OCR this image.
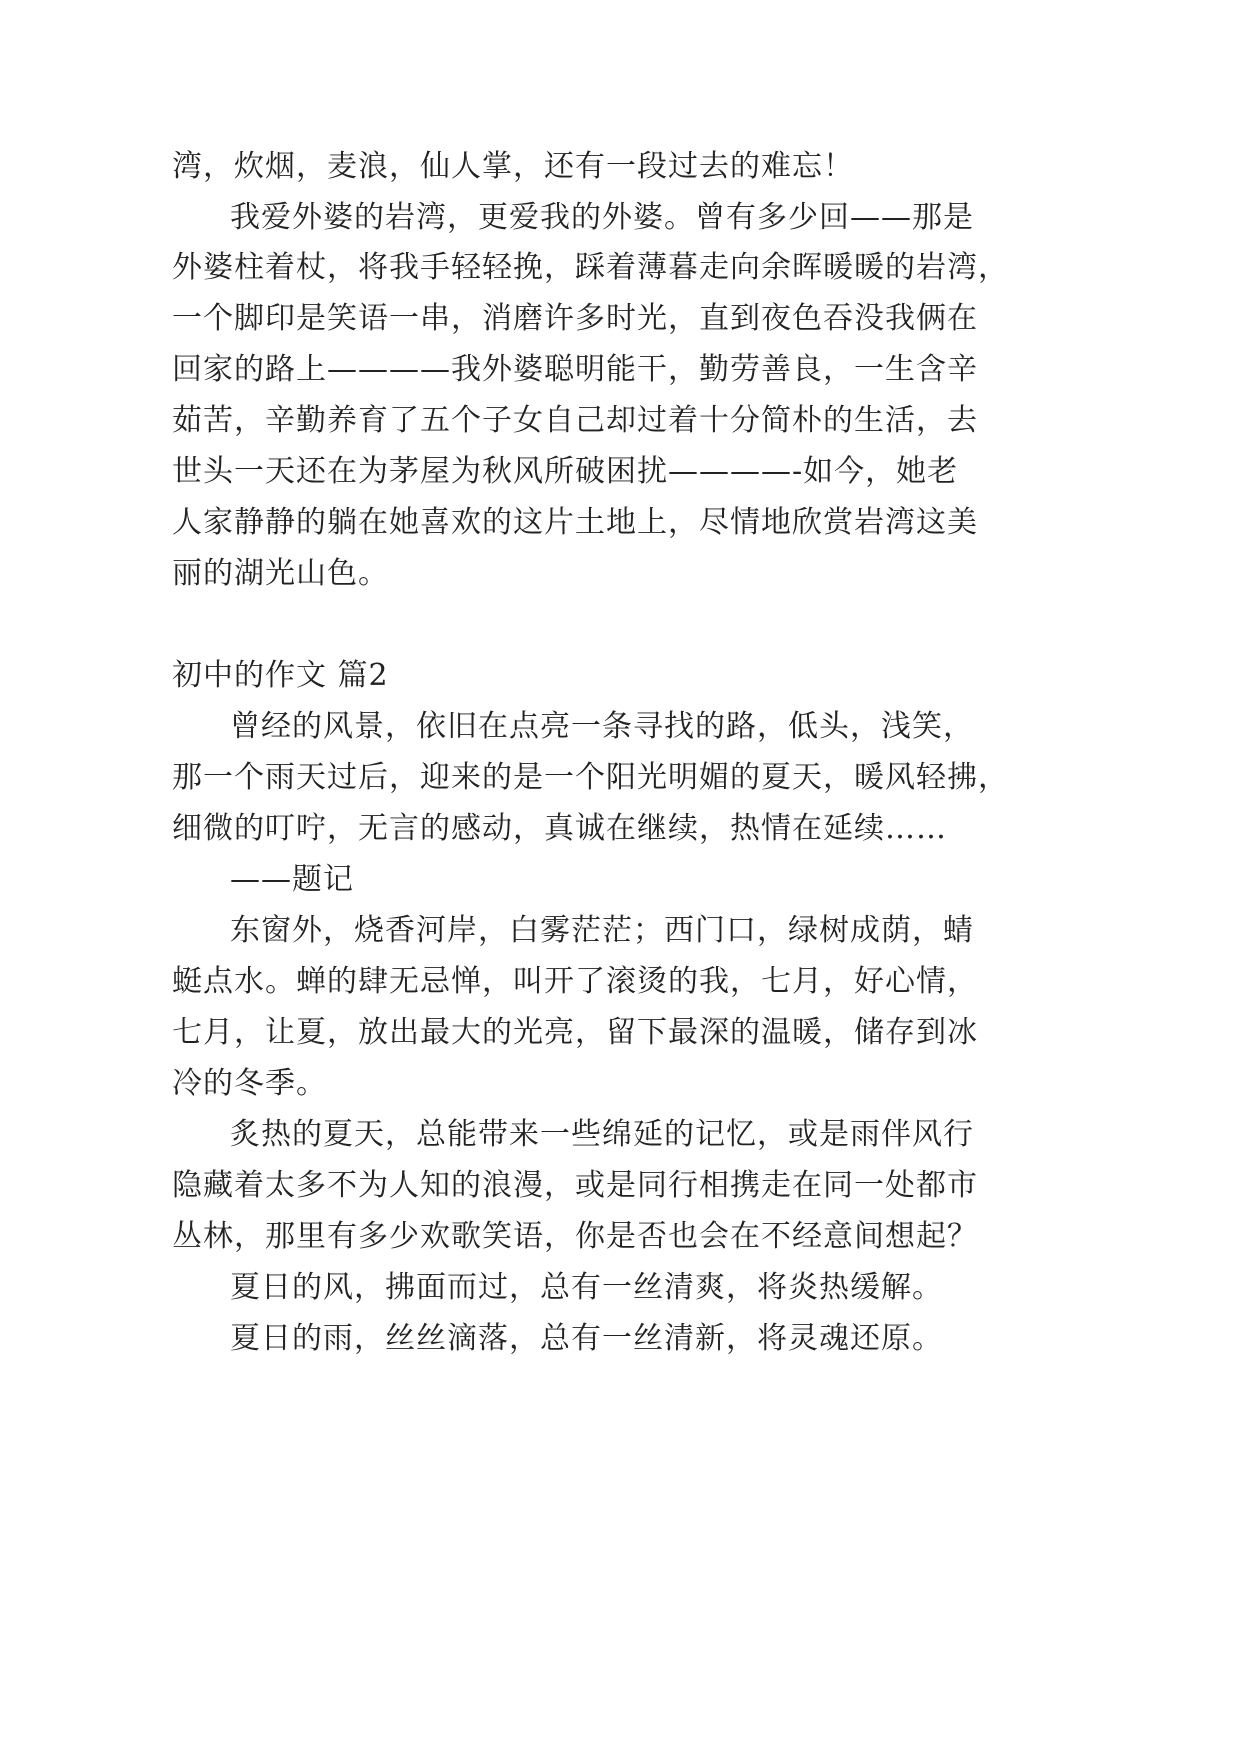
湾，炊烟，麦浪，仙人掌，还有一段过去的难忘！
我爱外婆的岩湾，更爱我的外婆。曾有多少回——那是
外婆柱着杖，将我手轻轻挽，踩着薄暮走向余晖暖暖的岩湾，
一个脚印是笑语一串，消磨许多时光，直到夜色吞没我俩在
回家的路上————我外婆聪明能干，勤劳善良，一生含辛
茹苦，辛勤养育了五个子女自己却过着十分简朴的生活，去
世头一天还在为茅屋为秋风所破困扰————-如今，她老
人家静静的躺在她喜欢的这片土地上，尽情地欣赏岩湾这美
丽的湖光山色。
初中的作文 篇2
曾经的风景，依旧在点亮一条寻找的路，低头，浅笑，
那一个雨天过后，迎来的是一个阳光明媚的夏天，暖风轻拂，
细微的叮咛，无言的感动，真诚在继续，热情在延续……
——题记
东窗外，烧香河岸，白雾茫茫；西门口，绿树成荫，蜻
蜓点水。蝉的肆无忌惮，叫开了滚烫的我，七月，好心情，
七月，让夏，放出最大的光亮，留下最深的温暖，储存到冰
冷的冬季。
炙热的夏天，总能带来一些绵延的记忆，或是雨伴风行
隐藏着太多不为人知的浪漫，或是同行相携走在同一处都市
丛林，那里有多少欢歌笑语，你是否也会在不经意间想起？
夏日的风，拂面而过，总有一丝清爽，将炎热缓解。
夏日的雨，丝丝滴落，总有一丝清新，将灵魂还原。
